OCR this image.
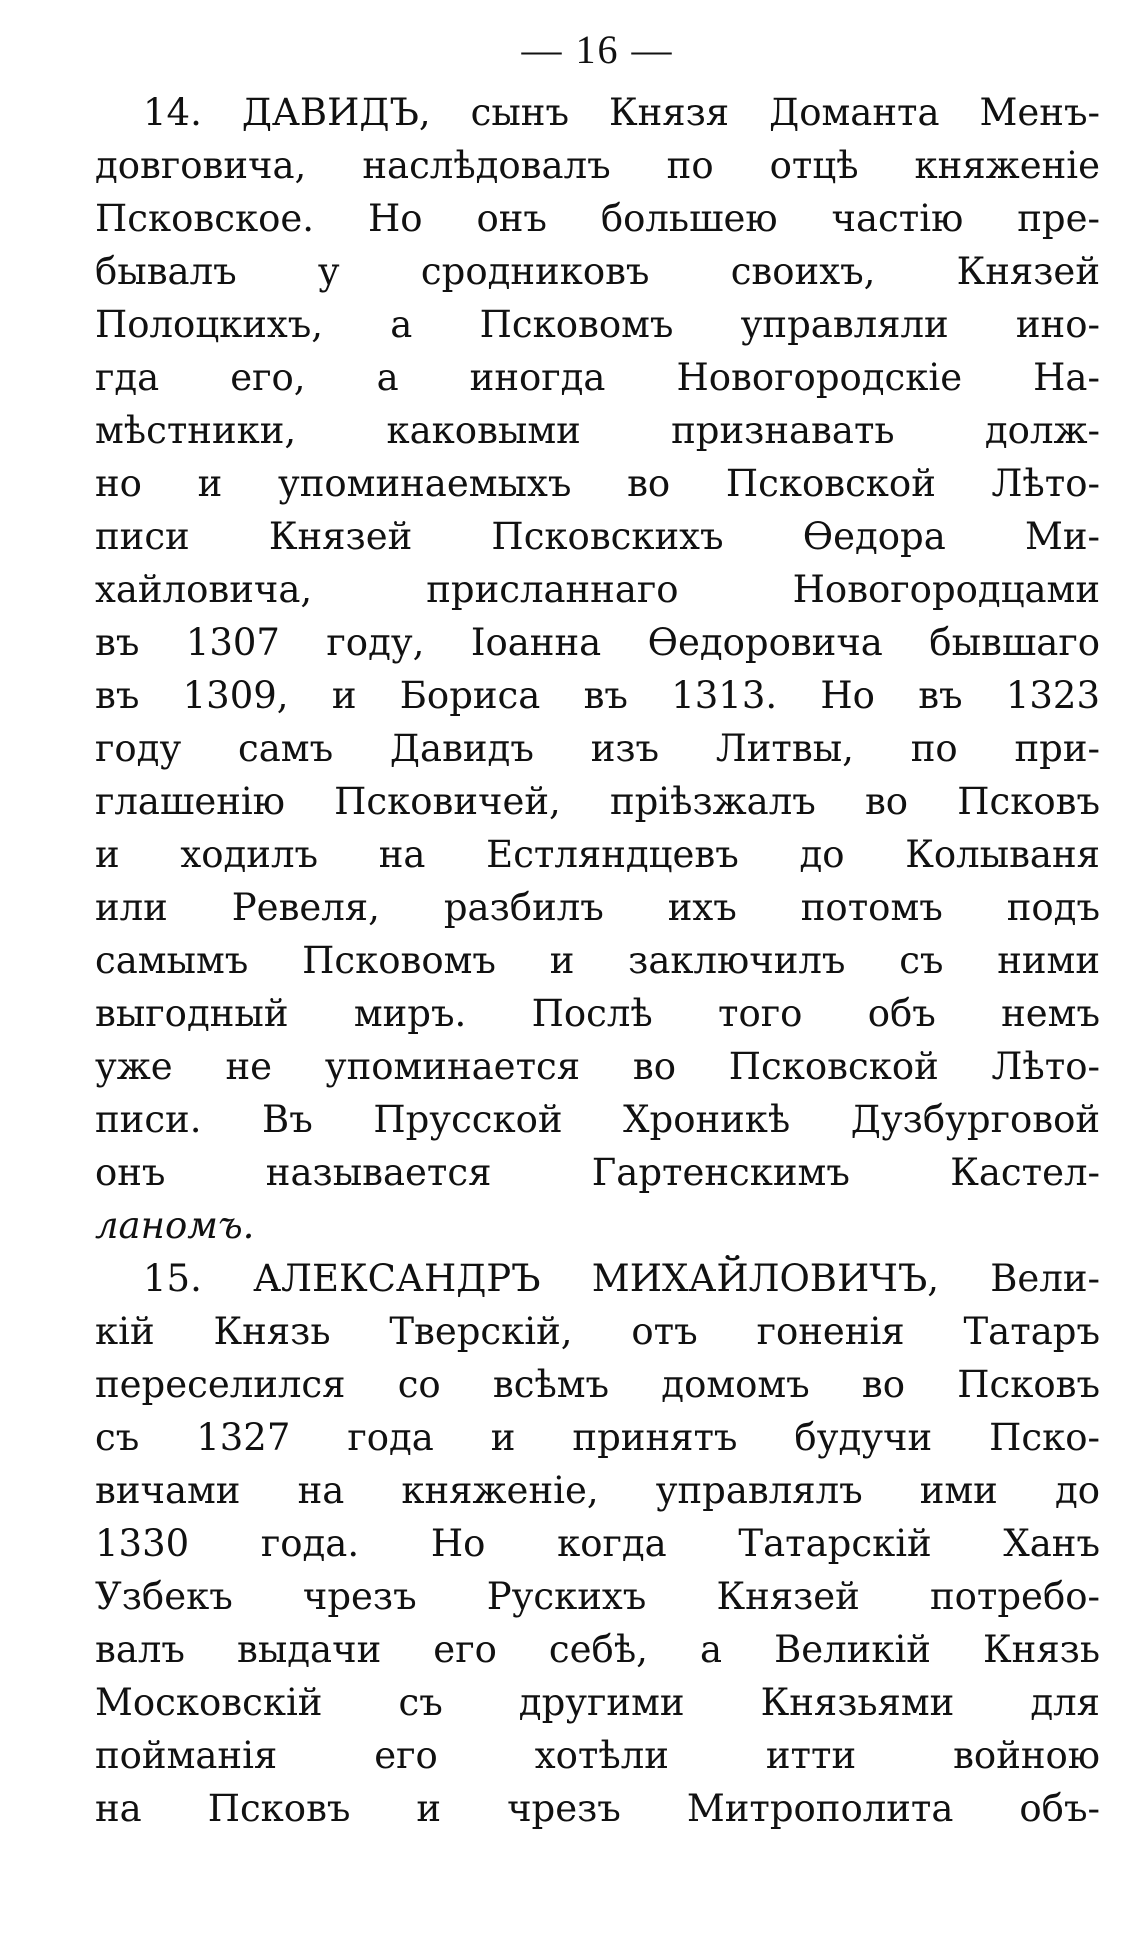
— 16 —
14. ДАВИДЪ, сынъ Князя Доманта Менъ-
довговича, наслѣдовалъ по отцѣ княженіе
Псковское. Но онъ большею частію пре-
бывалъ у сродниковъ своихъ, Князей
Полоцкихъ, а Псковомъ управляли ино-
гда его, а иногда Новогородскіе На-
мѣстники, каковыми признавать долж-
но и упоминаемыхъ во Псковской Лѣто-
писи Князей Псковскихъ Ѳедора Ми-
хайловича, присланнаго Новогородцами
въ 1307 году, Іоанна Ѳедоровича бывшаго
въ 1309, и Бориса въ 1313. Но въ 1323
году самъ Давидъ изъ Литвы, по при-
глашенію Псковичей, пріѣзжалъ во Псковъ
и ходилъ на Естляндцевъ до Колываня
или Ревеля, разбилъ ихъ потомъ подъ
самымъ Псковомъ и заключилъ съ ними
выгодный миръ. Послѣ того объ немъ
уже не упоминается во Псковской Лѣто-
писи. Въ Прусской Хроникѣ Дузбурговой
онъ называется Гартенскимъ Кастел-
ланомъ.
15. АЛЕКСАНДРЪ МИХАЙЛОВИЧЪ, Вели-
кій Князь Тверскій, отъ гоненія Татаръ
переселился со всѣмъ домомъ во Псковъ
съ 1327 года и принятъ будучи Пско-
вичами на княженіе, управлялъ ими до
1330 года. Но когда Татарскій Ханъ
Узбекъ чрезъ Рускихъ Князей потребо-
валъ выдачи его себѣ, а Великій Князь
Московскій съ другими Князьями для
пойманія его хотѣли итти войною
на Псковъ и чрезъ Митрополита объ-
